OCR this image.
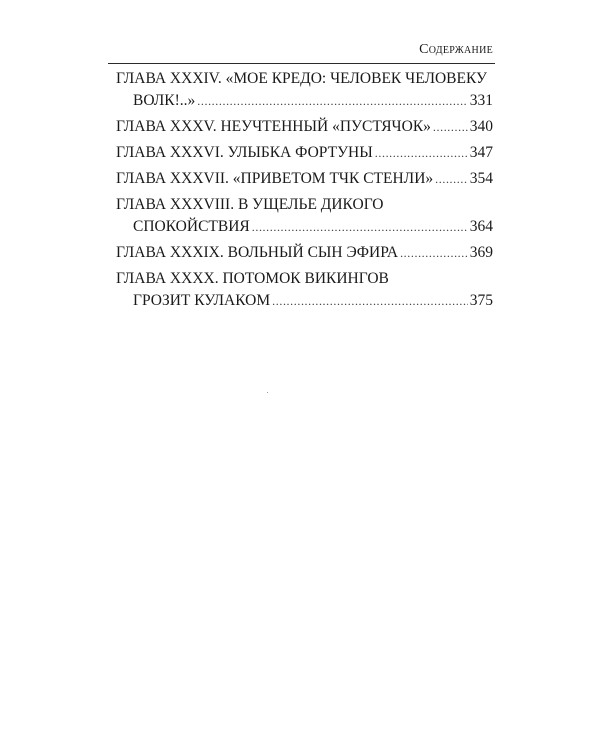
Содержание
ГЛАВА XXXIV. «МОЕ КРЕДО: ЧЕЛОВЕК ЧЕЛОВЕКУ
ВОЛК!..» .....	331
ГЛАВА XXXV. НЕУЧТЕННЫЙ «ПУСТЯЧОК» .....	340
ГЛАВА XXXVI. УЛЫБКА ФОРТУНЫ .....	347
ГЛАВА XXXVII. «ПРИВЕТОМ ТЧК СТЕНЛИ» ..... 354
ГЛАВА XXXVIII. В УЩЕЛЬЕ ДИКОГО
СПОКОЙСТВИЯ .....	364
ГЛАВА XXXIX. ВОЛЬНЫЙ СЫН ЭФИРА .....	369
ГЛАВА XXXX. ПОТОМОК ВИКИНГОВ
ГРОЗИТ КУЛАКОМ .....	375
